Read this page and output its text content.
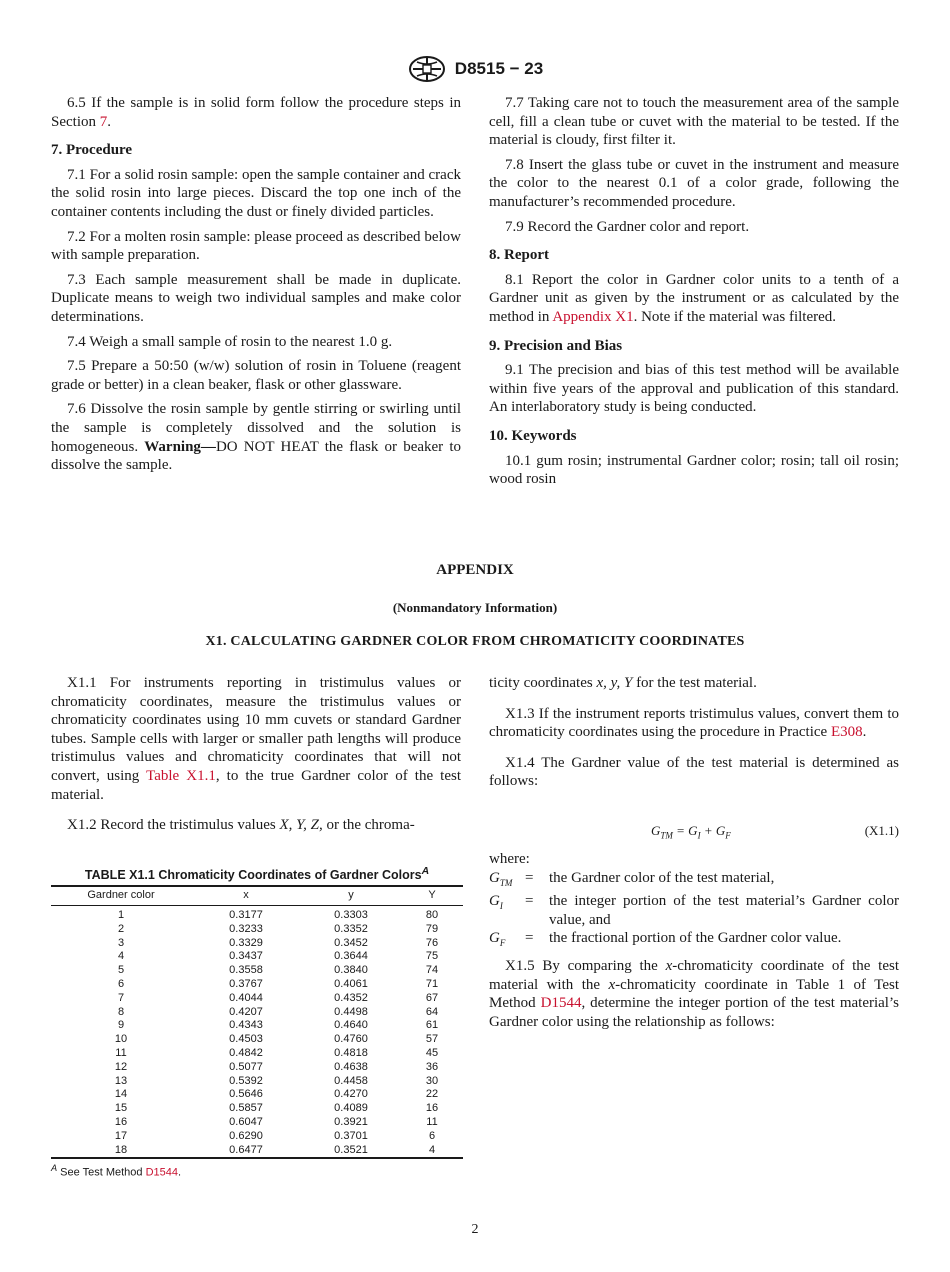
D8515 − 23

6.5 If the sample is in solid form follow the procedure steps in Section 7.

7. Procedure

7.1 For a solid rosin sample: open the sample container and crack the solid rosin into large pieces. Discard the top one inch of the container contents including the dust or finely divided particles.

7.2 For a molten rosin sample: please proceed as described below with sample preparation.

7.3 Each sample measurement shall be made in duplicate. Duplicate means to weigh two individual samples and make color determinations.

7.4 Weigh a small sample of rosin to the nearest 1.0 g.

7.5 Prepare a 50:50 (w/w) solution of rosin in Toluene (reagent grade or better) in a clean beaker, flask or other glassware.

7.6 Dissolve the rosin sample by gentle stirring or swirling until the sample is completely dissolved and the solution is homogeneous. Warning—DO NOT HEAT the flask or beaker to dissolve the sample.

7.7 Taking care not to touch the measurement area of the sample cell, fill a clean tube or cuvet with the material to be tested. If the material is cloudy, first filter it.

7.8 Insert the glass tube or cuvet in the instrument and measure the color to the nearest 0.1 of a color grade, following the manufacturer’s recommended procedure.

7.9 Record the Gardner color and report.

8. Report

8.1 Report the color in Gardner color units to a tenth of a Gardner unit as given by the instrument or as calculated by the method in Appendix X1. Note if the material was filtered.

9. Precision and Bias

9.1 The precision and bias of this test method will be available within five years of the approval and publication of this standard. An interlaboratory study is being conducted.

10. Keywords

10.1 gum rosin; instrumental Gardner color; rosin; tall oil rosin; wood rosin

APPENDIX
(Nonmandatory Information)
X1. CALCULATING GARDNER COLOR FROM CHROMATICITY COORDINATES

X1.1 For instruments reporting in tristimulus values or chromaticity coordinates, measure the tristimulus values or chromaticity coordinates using 10 mm cuvets or standard Gardner tubes. Sample cells with larger or smaller path lengths will produce tristimulus values and chromaticity coordinates that will not convert, using Table X1.1, to the true Gardner color of the test material.

X1.2 Record the tristimulus values X, Y, Z, or the chroma-

TABLE X1.1 Chromaticity Coordinates of Gardner Colors$^A$
Gardner color	x	y	Y
1	0.3177	0.3303	80
2	0.3233	0.3352	79
3	0.3329	0.3452	76
4	0.3437	0.3644	75
5	0.3558	0.3840	74
6	0.3767	0.4061	71
7	0.4044	0.4352	67
8	0.4207	0.4498	64
9	0.4343	0.4640	61
10	0.4503	0.4760	57
11	0.4842	0.4818	45
12	0.5077	0.4638	36
13	0.5392	0.4458	30
14	0.5646	0.4270	22
15	0.5857	0.4089	16
16	0.6047	0.3921	11
17	0.6290	0.3701	6
18	0.6477	0.3521	4
$^A$ See Test Method D1544.

ticity coordinates x, y, Y for the test material.

X1.3 If the instrument reports tristimulus values, convert them to chromaticity coordinates using the procedure in Practice E308.

X1.4 The Gardner value of the test material is determined as follows:

$G_{TM} = G_I + G_F$	(X1.1)
where:
$G_{TM}$ =	the Gardner color of the test material,
$G_I$	=	the integer portion of the test material’s Gardner color value, and
$G_F$	=	the fractional portion of the Gardner color value.

X1.5 By comparing the x-chromaticity coordinate of the test material with the x-chromaticity coordinate in Table 1 of Test Method D1544, determine the integer portion of the test material’s Gardner color using the relationship as follows:

2
